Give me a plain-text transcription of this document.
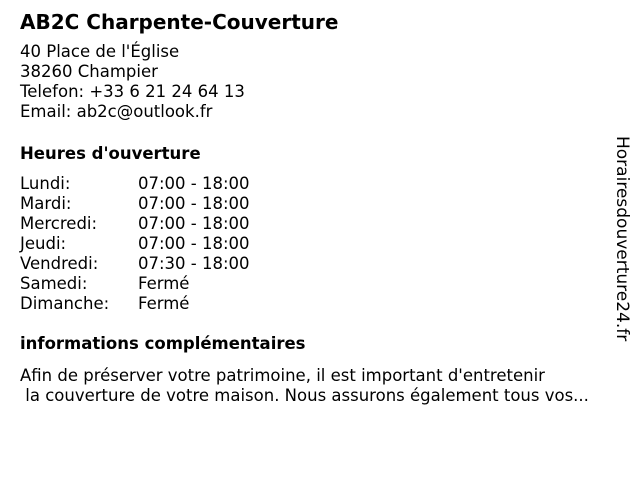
AB2C Charpente-Couverture
40 Place de l'Église
38260 Champier
Telefon: +33 6 21 24 64 13
Email: ab2c@outlook.fr
Heures d'ouverture
Lundi:	07:00 - 18:00
Mardi:	07:00 - 18:00
Mercredi:	07:00 - 18:00
Jeudi:	07:00 - 18:00
Vendredi:	07:30 - 18:00
Samedi:	Fermé
Dimanche:	Fermé
informations complémentaires
Afin de préserver votre patrimoine, il est important d'entretenir
la couverture de votre maison. Nous assurons également tous vos...
Horairesdouverture24.fr
